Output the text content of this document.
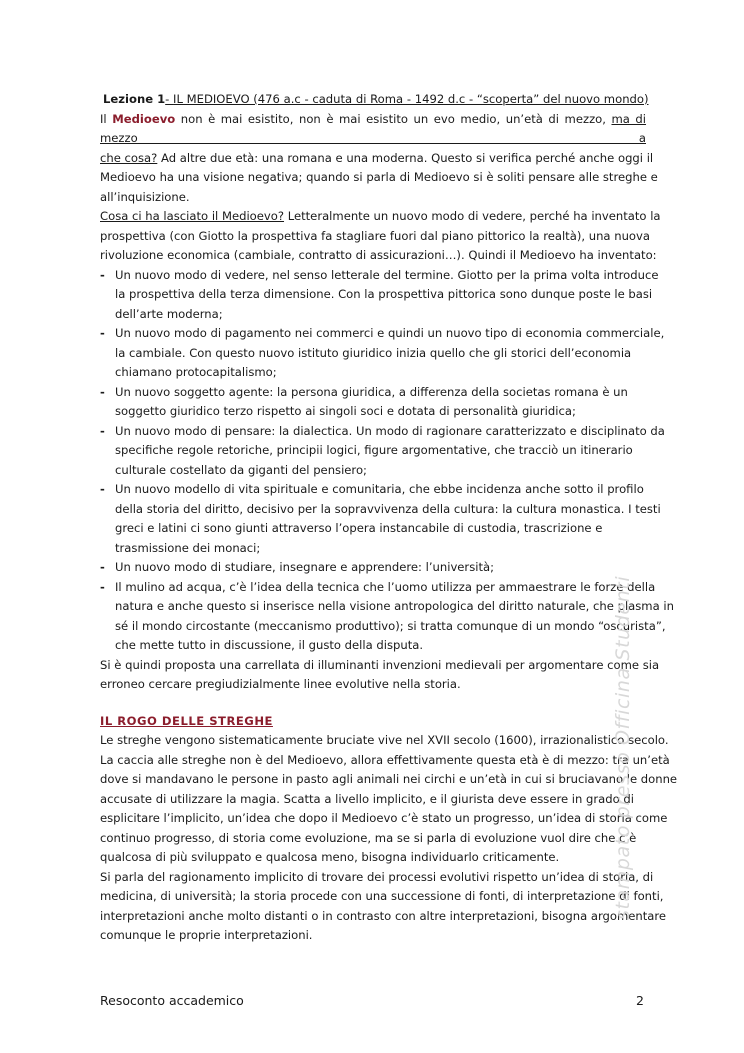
Lezione 1- IL MEDIOEVO (476 a.c - caduta di Roma - 1492 d.c - “scoperta” del nuovo mondo)
Il Medioevo non è mai esistito, non è mai esistito un evo medio, un’età di mezzo, ma di mezzo a
che cosa? Ad altre due età: una romana e una moderna. Questo si verifica perché anche oggi il
Medioevo ha una visione negativa; quando si parla di Medioevo si è soliti pensare alle streghe e
all’inquisizione.
Cosa ci ha lasciato il Medioevo? Letteralmente un nuovo modo di vedere, perché ha inventato la
prospettiva (con Giotto la prospettiva fa stagliare fuori dal piano pittorico la realtà), una nuova
rivoluzione economica (cambiale, contratto di assicurazioni…). Quindi il Medioevo ha inventato:
- Un nuovo modo di vedere, nel senso letterale del termine. Giotto per la prima volta introduce
la prospettiva della terza dimensione. Con la prospettiva pittorica sono dunque poste le basi
dell’arte moderna;
- Un nuovo modo di pagamento nei commerci e quindi un nuovo tipo di economia commerciale,
la cambiale. Con questo nuovo istituto giuridico inizia quello che gli storici dell’economia
chiamano protocapitalismo;
- Un nuovo soggetto agente: la persona giuridica, a differenza della societas romana è un
soggetto giuridico terzo rispetto ai singoli soci e dotata di personalità giuridica;
- Un nuovo modo di pensare: la dialectica. Un modo di ragionare caratterizzato e disciplinato da
specifiche regole retoriche, principii logici, figure argomentative, che tracciò un itinerario
culturale costellato da giganti del pensiero;
- Un nuovo modello di vita spirituale e comunitaria, che ebbe incidenza anche sotto il profilo
della storia del diritto, decisivo per la sopravvivenza della cultura: la cultura monastica. I testi
greci e latini ci sono giunti attraverso l’opera instancabile di custodia, trascrizione e
trasmissione dei monaci;
- Un nuovo modo di studiare, insegnare e apprendere: l’università;
- Il mulino ad acqua, c’è l’idea della tecnica che l’uomo utilizza per ammaestrare le forze della
natura e anche questo si inserisce nella visione antropologica del diritto naturale, che plasma in
sé il mondo circostante (meccanismo produttivo); si tratta comunque di un mondo “oscurista”,
che mette tutto in discussione, il gusto della disputa.
Si è quindi proposta una carrellata di illuminanti invenzioni medievali per argomentare come sia
erroneo cercare pregiudizialmente linee evolutive nella storia.
IL ROGO DELLE STREGHE
Le streghe vengono sistematicamente bruciate vive nel XVII secolo (1600), irrazionalistico secolo.
La caccia alle streghe non è del Medioevo, allora effettivamente questa età è di mezzo: tra un’età
dove si mandavano le persone in pasto agli animali nei circhi e un’età in cui si bruciavano le donne
accusate di utilizzare la magia. Scatta a livello implicito, e il giurista deve essere in grado di
esplicitare l’implicito, un’idea che dopo il Medioevo c’è stato un progresso, un’idea di storia come
continuo progresso, di storia come evoluzione, ma se si parla di evoluzione vuol dire che c’è
qualcosa di più sviluppato e qualcosa meno, bisogna individuarlo criticamente.
Si parla del ragionamento implicito di trovare dei processi evolutivi rispetto un’idea di storia, di
medicina, di università; la storia procede con una successione di fonti, di interpretazione di fonti,
interpretazioni anche molto distanti o in contrasto con altre interpretazioni, bisogna argomentare
comunque le proprie interpretazioni.
Resoconto accademico	2
stampato presso Officina Studenti
